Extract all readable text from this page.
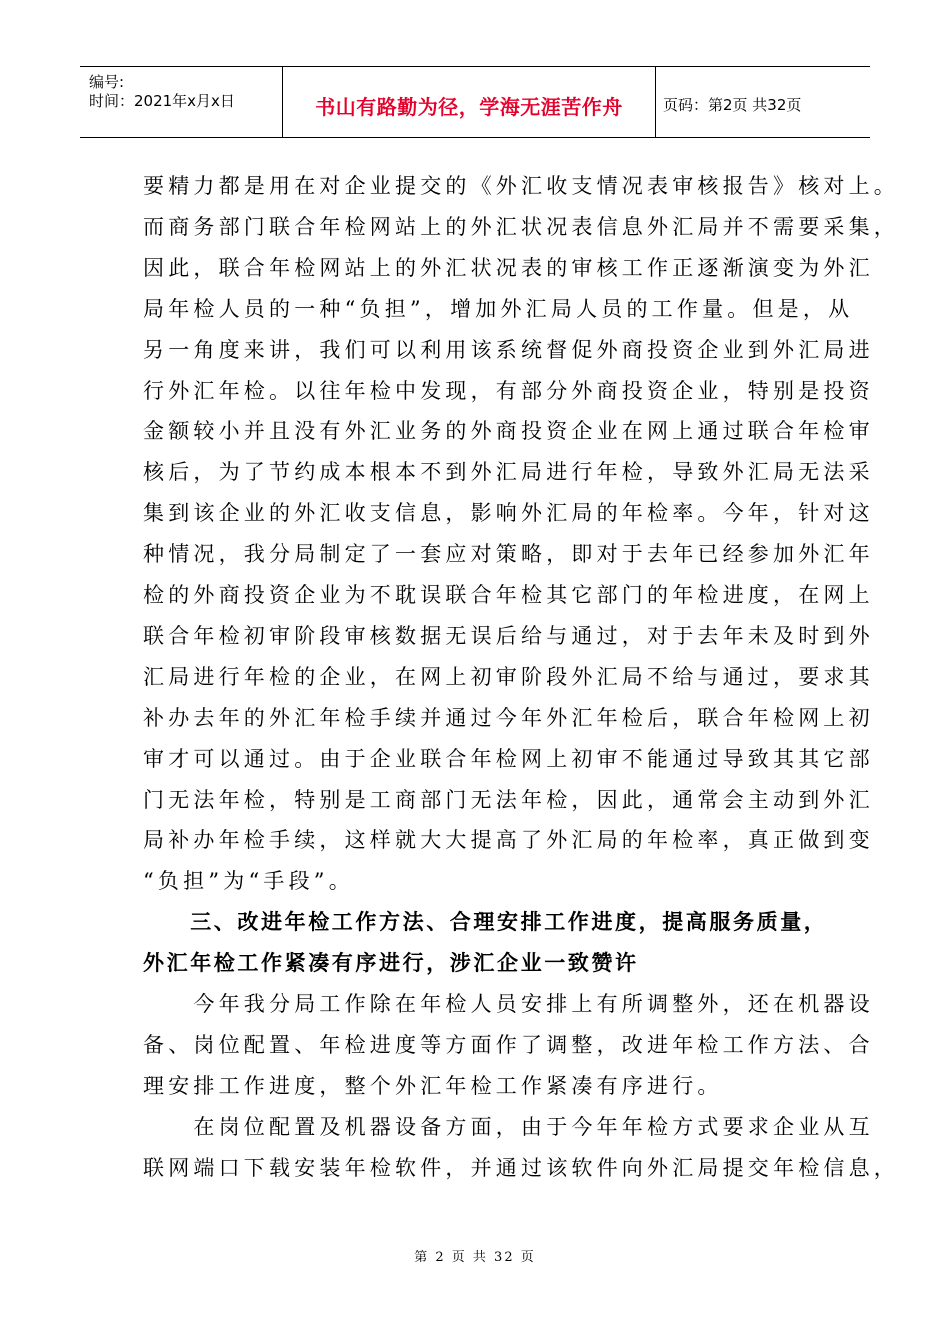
编号:
时间：2021年x月x日	书山有路勤为径，学海无涯苦作舟	页码：第2页 共32页
要精力都是用在对企业提交的《外汇收支情况表审核报告》核对上。
而商务部门联合年检网站上的外汇状况表信息外汇局并不需要采集，
因此，联合年检网站上的外汇状况表的审核工作正逐渐演变为外汇
局年检人员的一种“负担”，增加外汇局人员的工作量。但是，从
另一角度来讲，我们可以利用该系统督促外商投资企业到外汇局进
行外汇年检。以往年检中发现，有部分外商投资企业，特别是投资
金额较小并且没有外汇业务的外商投资企业在网上通过联合年检审
核后，为了节约成本根本不到外汇局进行年检，导致外汇局无法采
集到该企业的外汇收支信息，影响外汇局的年检率。今年，针对这
种情况，我分局制定了一套应对策略，即对于去年已经参加外汇年
检的外商投资企业为不耽误联合年检其它部门的年检进度，在网上
联合年检初审阶段审核数据无误后给与通过，对于去年未及时到外
汇局进行年检的企业，在网上初审阶段外汇局不给与通过，要求其
补办去年的外汇年检手续并通过今年外汇年检后，联合年检网上初
审才可以通过。由于企业联合年检网上初审不能通过导致其其它部
门无法年检，特别是工商部门无法年检，因此，通常会主动到外汇
局补办年检手续，这样就大大提高了外汇局的年检率，真正做到变
“负担”为“手段”。
　　三、改进年检工作方法、合理安排工作进度，提高服务质量，
外汇年检工作紧凑有序进行，涉汇企业一致赞许
　　今年我分局工作除在年检人员安排上有所调整外，还在机器设
备、岗位配置、年检进度等方面作了调整，改进年检工作方法、合
理安排工作进度，整个外汇年检工作紧凑有序进行。
　　在岗位配置及机器设备方面，由于今年年检方式要求企业从互
联网端口下载安装年检软件，并通过该软件向外汇局提交年检信息，
第 2 页 共 32 页
